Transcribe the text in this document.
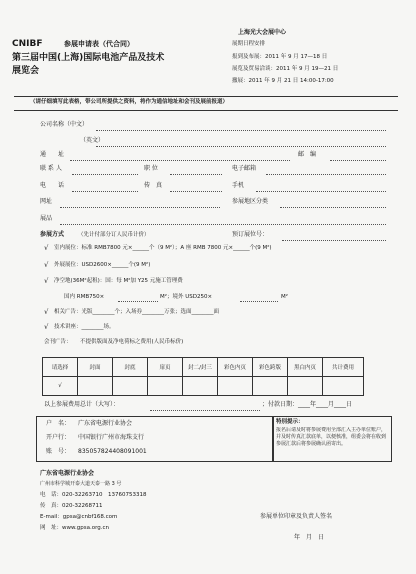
CNIBF	参展申请表（代合同）
第三届中国(上海)国际电池产品及技术
展览会
上海光大会展中心
展期日程安排
报到及布展：2011 年 9 月 17—18 日
展览及贸易洽谈：2011 年 9 月 19—21 日
撤展：2011 年 9 月 21 日 14:00-17:00
（请仔细填写此表格，带公司所提供之资料，将作为通信地址和会刊及展前报道）
公司名称（中文）
（英文）
通　　址	邮　编
联 系 人	职 位	电子邮箱
电　　话	传　真	手机
网址	参展地区分类
展品
参展方式	（先计付部分订人民币计价）	预订展位号：
√ 室内展位：标准 RMB7800 元×______个（9 M²）；A 座 RMB 7800 元×______个(9 M²)
√ 外展展位：USD2600×______个(9 M²)
√ 净空地(36M²起租)：国：每 M²加 Y25 元施工管理费
国内 RMB750×	M²；境外 USD250×	M²
√ 相关广告：光版________个；入场券________万张；选面________面
√ 技术讲座：________场。
会刊广告： 不提供版面及净电荷标之费用(人民币标价)
请选择	封面	封底	扉页	封二/封三	彩色内页	彩色跨版	黑白内页	共计费用
√								
以上参展费用总计（大写）：	；付款日期：____年____月____日
户　名： 广东省电源行业协会
开户行： 中国银行广州市海珠支行
账　号： 835057824408091001
特别提示：
报名后请及时将参展费用全部汇入主办单位账户，并及时传真汇款底单，以便核准，组委会将在收到参展汇款后将参展确认函寄出。
广东省电源行业协会
广州市科学城开泰大道天泰一路 3 号
电　话：020-32263710　13760753318
传　真：020-32268711
E-mail：gpsa@cnbf168.com
网　址：www.gpsa.org.cn
参展单位印章及负责人签名
年　月　日
